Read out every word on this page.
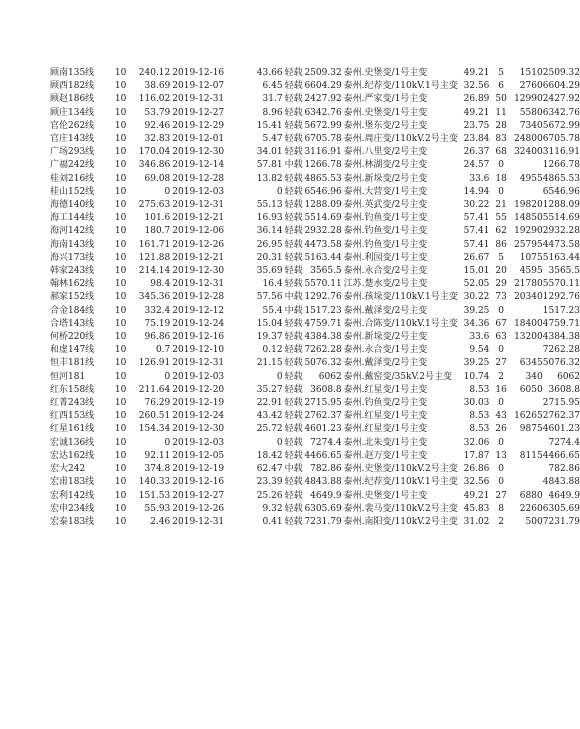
顾南135线	10	240.12	2019-12-16	43.66	轻载	2509.32	泰州.史堡变/1号主变	49.21	5	1510	2509.32
顾西182线	10	38.69	2019-12-07	6.45	轻载	6604.29	泰州.纪荐变/110kV.1号主变	32.56	6	2760	6604.29
顾赵186线	10	116.02	2019-12-31	31.7	轻载	2427.92	泰州.严家变/1号主变	26.89	50	12990	2427.92
顾庄134线	10	53.79	2019-12-27	8.96	轻载	6342.76	泰州.史堡变/1号主变	49.21	11	5580	6342.76
官伦262线	10	92.46	2019-12-29	15.41	轻载	5672.99	泰州.堡东变/2号主变	23.75	28	7340	5672.99
官庄143线	10	32.83	2019-12-01	5.47	轻载	6705.78	泰州.周庄变/110kV.2号主变	23.84	83	24800	6705.78
广场293线	10	170.04	2019-12-30	34.01	轻载	3116.91	泰州.八里变/2号主变	26.37	68	32400	3116.91
广福242线	10	346.86	2019-12-14	57.81	中载	1266.78	泰州.林湖变/2号主变	24.57	0		1266.78
桂刘216线	10	69.08	2019-12-28	13.82	轻载	4865.53	泰州.新垛变/2号主变	33.6	18	4955	4865.53
桂山152线	10	0	2019-12-03	0	轻载	6546.96	泰州.大营变/1号主变	14.94	0		6546.96
海德140线	10	275.63	2019-12-31	55.13	轻载	1288.09	泰州.英武变/2号主变	30.22	21	19820	1288.09
海工144线	10	101.6	2019-12-21	16.93	轻载	5514.69	泰州.钓鱼变/1号主变	57.41	55	14850	5514.69
海河142线	10	180.7	2019-12-06	36.14	轻载	2932.28	泰州.钓鱼变/1号主变	57.41	62	19290	2932.28
海南143线	10	161.71	2019-12-26	26.95	轻载	4473.58	泰州.钓鱼变/1号主变	57.41	86	25795	4473.58
海兴173线	10	121.88	2019-12-21	20.31	轻载	5163.44	泰州.利园变/1号主变	26.67	5	1075	5163.44
韩家243线	10	214.14	2019-12-30	35.69	轻载	3565.5	泰州.永合变/2号主变	15.01	20	4595	3565.5
翰林162线	10	98.4	2019-12-31	16.4	轻载	5570.11	江苏.楚水变/2号主变	52.05	29	21780	5570.11
郝家152线	10	345.36	2019-12-28	57.56	中载	1292.76	泰州.孩垛变/110kV.1号主变	30.22	73	20340	1292.76
合金184线	10	332.4	2019-12-12	55.4	中载	1517.23	泰州.戴泽变/2号主变	39.25	0		1517.23
合塔143线	10	75.19	2019-12-24	15.04	轻载	4759.71	泰州.合陈变/110kV.1号主变	34.36	67	18400	4759.71
何桥220线	10	96.86	2019-12-16	19.37	轻载	4384.38	泰州.新垛变/2号主变	33.6	63	13200	4384.38
和虚147线	10	0.7	2019-12-10	0.12	轻载	7262.28	泰州.永合变/1号主变	9.54	0		7262.28
恒丰181线	10	126.91	2019-12-31	21.15	轻载	5076.32	泰州.戴泽变/2号主变	39.25	27	6345	5076.32
恒河181	10	0	2019-12-03	0	轻载	6062	泰州.戴窑变/35kV.2号主变	10.74	2	340	6062
红东158线	10	211.64	2019-12-20	35.27	轻载	3608.8	泰州.红星变/1号主变	8.53	16	6050	3608.8
红菁243线	10	76.29	2019-12-19	22.91	轻载	2715.95	泰州.钓鱼变/2号主变	30.03	0		2715.95
红西153线	10	260.51	2019-12-24	43.42	轻载	2762.37	泰州.红星变/1号主变	8.53	43	16265	2762.37
红星161线	10	154.34	2019-12-30	25.72	轻载	4601.23	泰州.红星变/1号主变	8.53	26	9875	4601.23
宏诚136线	10	0	2019-12-03	0	轻载	7274.4	泰州.北朱变/1号主变	32.06	0		7274.4
宏达162线	10	92.11	2019-12-05	18.42	轻载	4466.65	泰州.赵万变/1号主变	17.87	13	8115	4466.65
宏大242	10	374.8	2019-12-19	62.47	中载	782.86	泰州.史堡变/110kV.2号主变	26.86	0		782.86
宏甫183线	10	140.33	2019-12-16	23.39	轻载	4843.88	泰州.纪荐变/110kV.1号主变	32.56	0		4843.88
宏利142线	10	151.53	2019-12-27	25.26	轻载	4649.9	泰州.史堡变/1号主变	49.21	27	6880	4649.9
宏申234线	10	55.93	2019-12-26	9.32	轻载	6305.69	泰州.裴马变/110kV.2号主变	45.83	8	2260	6305.69
宏泰183线	10	2.46	2019-12-31	0.41	轻载	7231.79	泰州.南阳变/110kV.2号主变	31.02	2	500	7231.79
